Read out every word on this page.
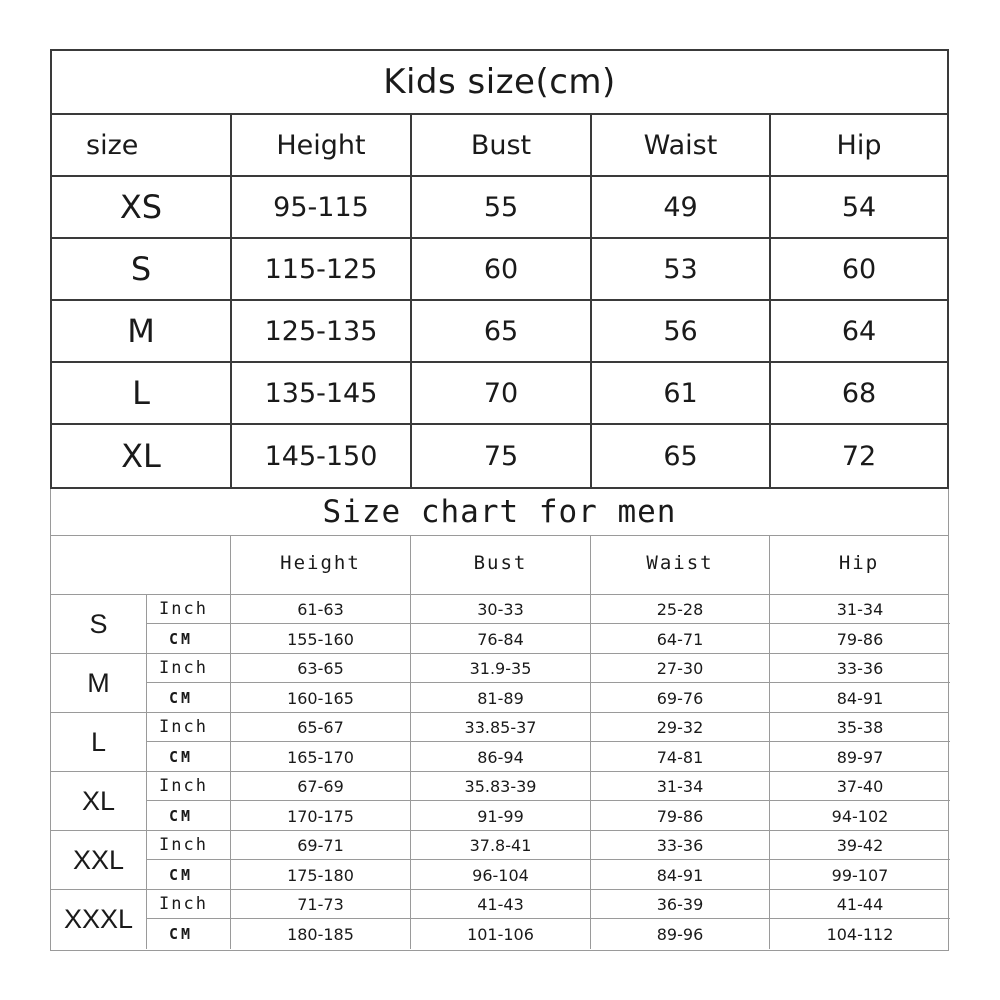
Kids size(cm)
size	Height	Bust	Waist	Hip
XS	95-115	55	49	54
S	115-125	60	53	60
M	125-135	65	56	64
L	135-145	70	61	68
XL	145-150	75	65	72
Size chart for men
Height	Bust	Waist	Hip
S	Inch	61-63	30-33	25-28	31-34
CM	155-160	76-84	64-71	79-86
M	Inch	63-65	31.9-35	27-30	33-36
CM	160-165	81-89	69-76	84-91
L	Inch	65-67	33.85-37	29-32	35-38
CM	165-170	86-94	74-81	89-97
XL	Inch	67-69	35.83-39	31-34	37-40
CM	170-175	91-99	79-86	94-102
XXL	Inch	69-71	37.8-41	33-36	39-42
CM	175-180	96-104	84-91	99-107
XXXL	Inch	71-73	41-43	36-39	41-44
CM	180-185	101-106	89-96	104-112
